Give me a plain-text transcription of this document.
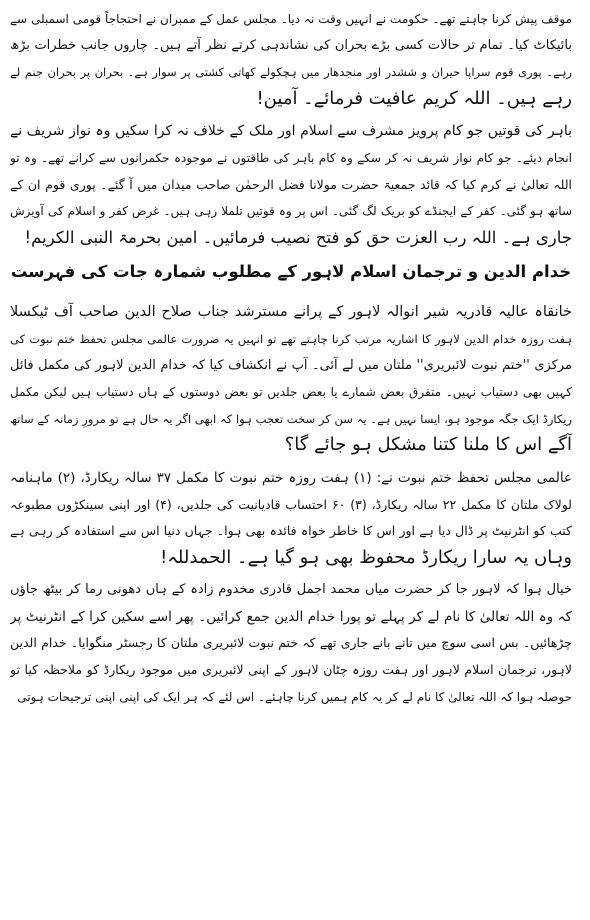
موقف پیش کرنا چاہتے تھے۔ حکومت نے انہیں وقت نہ دیا۔ مجلس عمل کے ممبران نے احتجاجاً قومی اسمبلی سے
بائیکاٹ کیا۔ تمام تر حالات کسی بڑے بحران کی نشاندہی کرتے نظر آتے ہیں۔ چاروں جانب خطرات بڑھ
رہے۔ پوری قوم سراپا حیران و ششدر اور منجدھار میں ہچکولے کھاتی کشتی پر سوار ہے۔ بحران پر بحران جنم لے
رہے ہیں۔ اللہ کریم عافیت فرمائے۔ آمین!
باہر کی قوتیں جو کام پرویز مشرف سے اسلام اور ملک کے خلاف نہ کرا سکیں وہ نواز شریف نے
انجام دیئے۔ جو کام نواز شریف نہ کر سکے وہ کام باہر کی طاقتوں نے موجودہ حکمرانوں سے کرانے تھے۔ وہ تو
اللہ تعالیٰ نے کرم کیا کہ قائد جمعیۃ حضرت مولانا فضل الرحمٰن صاحب میدان میں آ گئے۔ پوری قوم ان کے
ساتھ ہو گئی۔ کفر کے ایجنڈے کو بریک لگ گئی۔ اس پر وہ قوتیں تلملا رہی ہیں۔ غرض کفر و اسلام کی آویزش
جاری ہے۔ اللہ رب العزت حق کو فتح نصیب فرمائیں۔ امین بحرمۃ النبی الکریم!
خدام الدین و ترجمان اسلام لاہور کے مطلوب شمارہ جات کی فہرست
خانقاہ عالیہ قادریہ شیر انوالہ لاہور کے پرانے مسترشد جناب صلاح الدین صاحب آف ٹیکسلا
ہفت روزہ خدام الدین لاہور کا اشاریہ مرتب کرنا چاہتے تھے تو انہیں یہ ضرورت عالمی مجلس تحفظ ختم نبوت کی
مرکزی ''ختم نبوت لائبریری'' ملتان میں لے آئی۔ آپ نے انکشاف کیا کہ خدام الدین لاہور کی مکمل فائل
کہیں بھی دستیاب نہیں۔ متفرق بعض شمارے یا بعض جلدیں تو بعض دوستوں کے ہاں دستیاب ہیں لیکن مکمل
ریکارڈ ایک جگہ موجود ہو، ایسا نہیں ہے۔ یہ سن کر سخت تعجب ہوا کہ ابھی اگر یہ حال ہے تو مرورِ زمانہ کے ساتھ
آگے اس کا ملنا کتنا مشکل ہو جائے گا؟
عالمی مجلس تحفظ ختم نبوت نے: (۱) ہفت روزہ ختم نبوت کا مکمل ۳۷ سالہ ریکارڈ، (۲) ماہنامہ
لولاک ملتان کا مکمل ۲۲ سالہ ریکارڈ، (۳) ۶۰ احتساب قادیانیت کی جلدیں، (۴) اور اپنی سینکڑوں مطبوعہ
کتب کو انٹرنیٹ پر ڈال دیا ہے اور اس کا خاطر خواہ فائدہ بھی ہوا۔ جہاں دنیا اس سے استفادہ کر رہی ہے
وہاں یہ سارا ریکارڈ محفوظ بھی ہو گیا ہے۔ الحمدللہ!
خیال ہوا کہ لاہور جا کر حضرت میاں محمد اجمل قادری مخدوم زادہ کے ہاں دھونی رما کر بیٹھ جاؤں
کہ وہ اللہ تعالیٰ کا نام لے کر پہلے تو پورا خدام الدین جمع کرائیں۔ پھر اسے سکین کرا کے انٹرنیٹ پر
چڑھائیں۔ بس اسی سوچ میں تانے بانے جاری تھے کہ ختم نبوت لائبریری ملتان کا رجسٹر منگوایا۔ خدام الدین
لاہور، ترجمان اسلام لاہور اور ہفت روزہ چٹان لاہور کے اپنی لائبریری میں موجود ریکارڈ کو ملاحظہ کیا تو
حوصلہ ہوا کہ اللہ تعالیٰ کا نام لے کر یہ کام ہمیں کرنا چاہئے۔ اس لئے کہ ہر ایک کی اپنی اپنی ترجیحات ہوتی
